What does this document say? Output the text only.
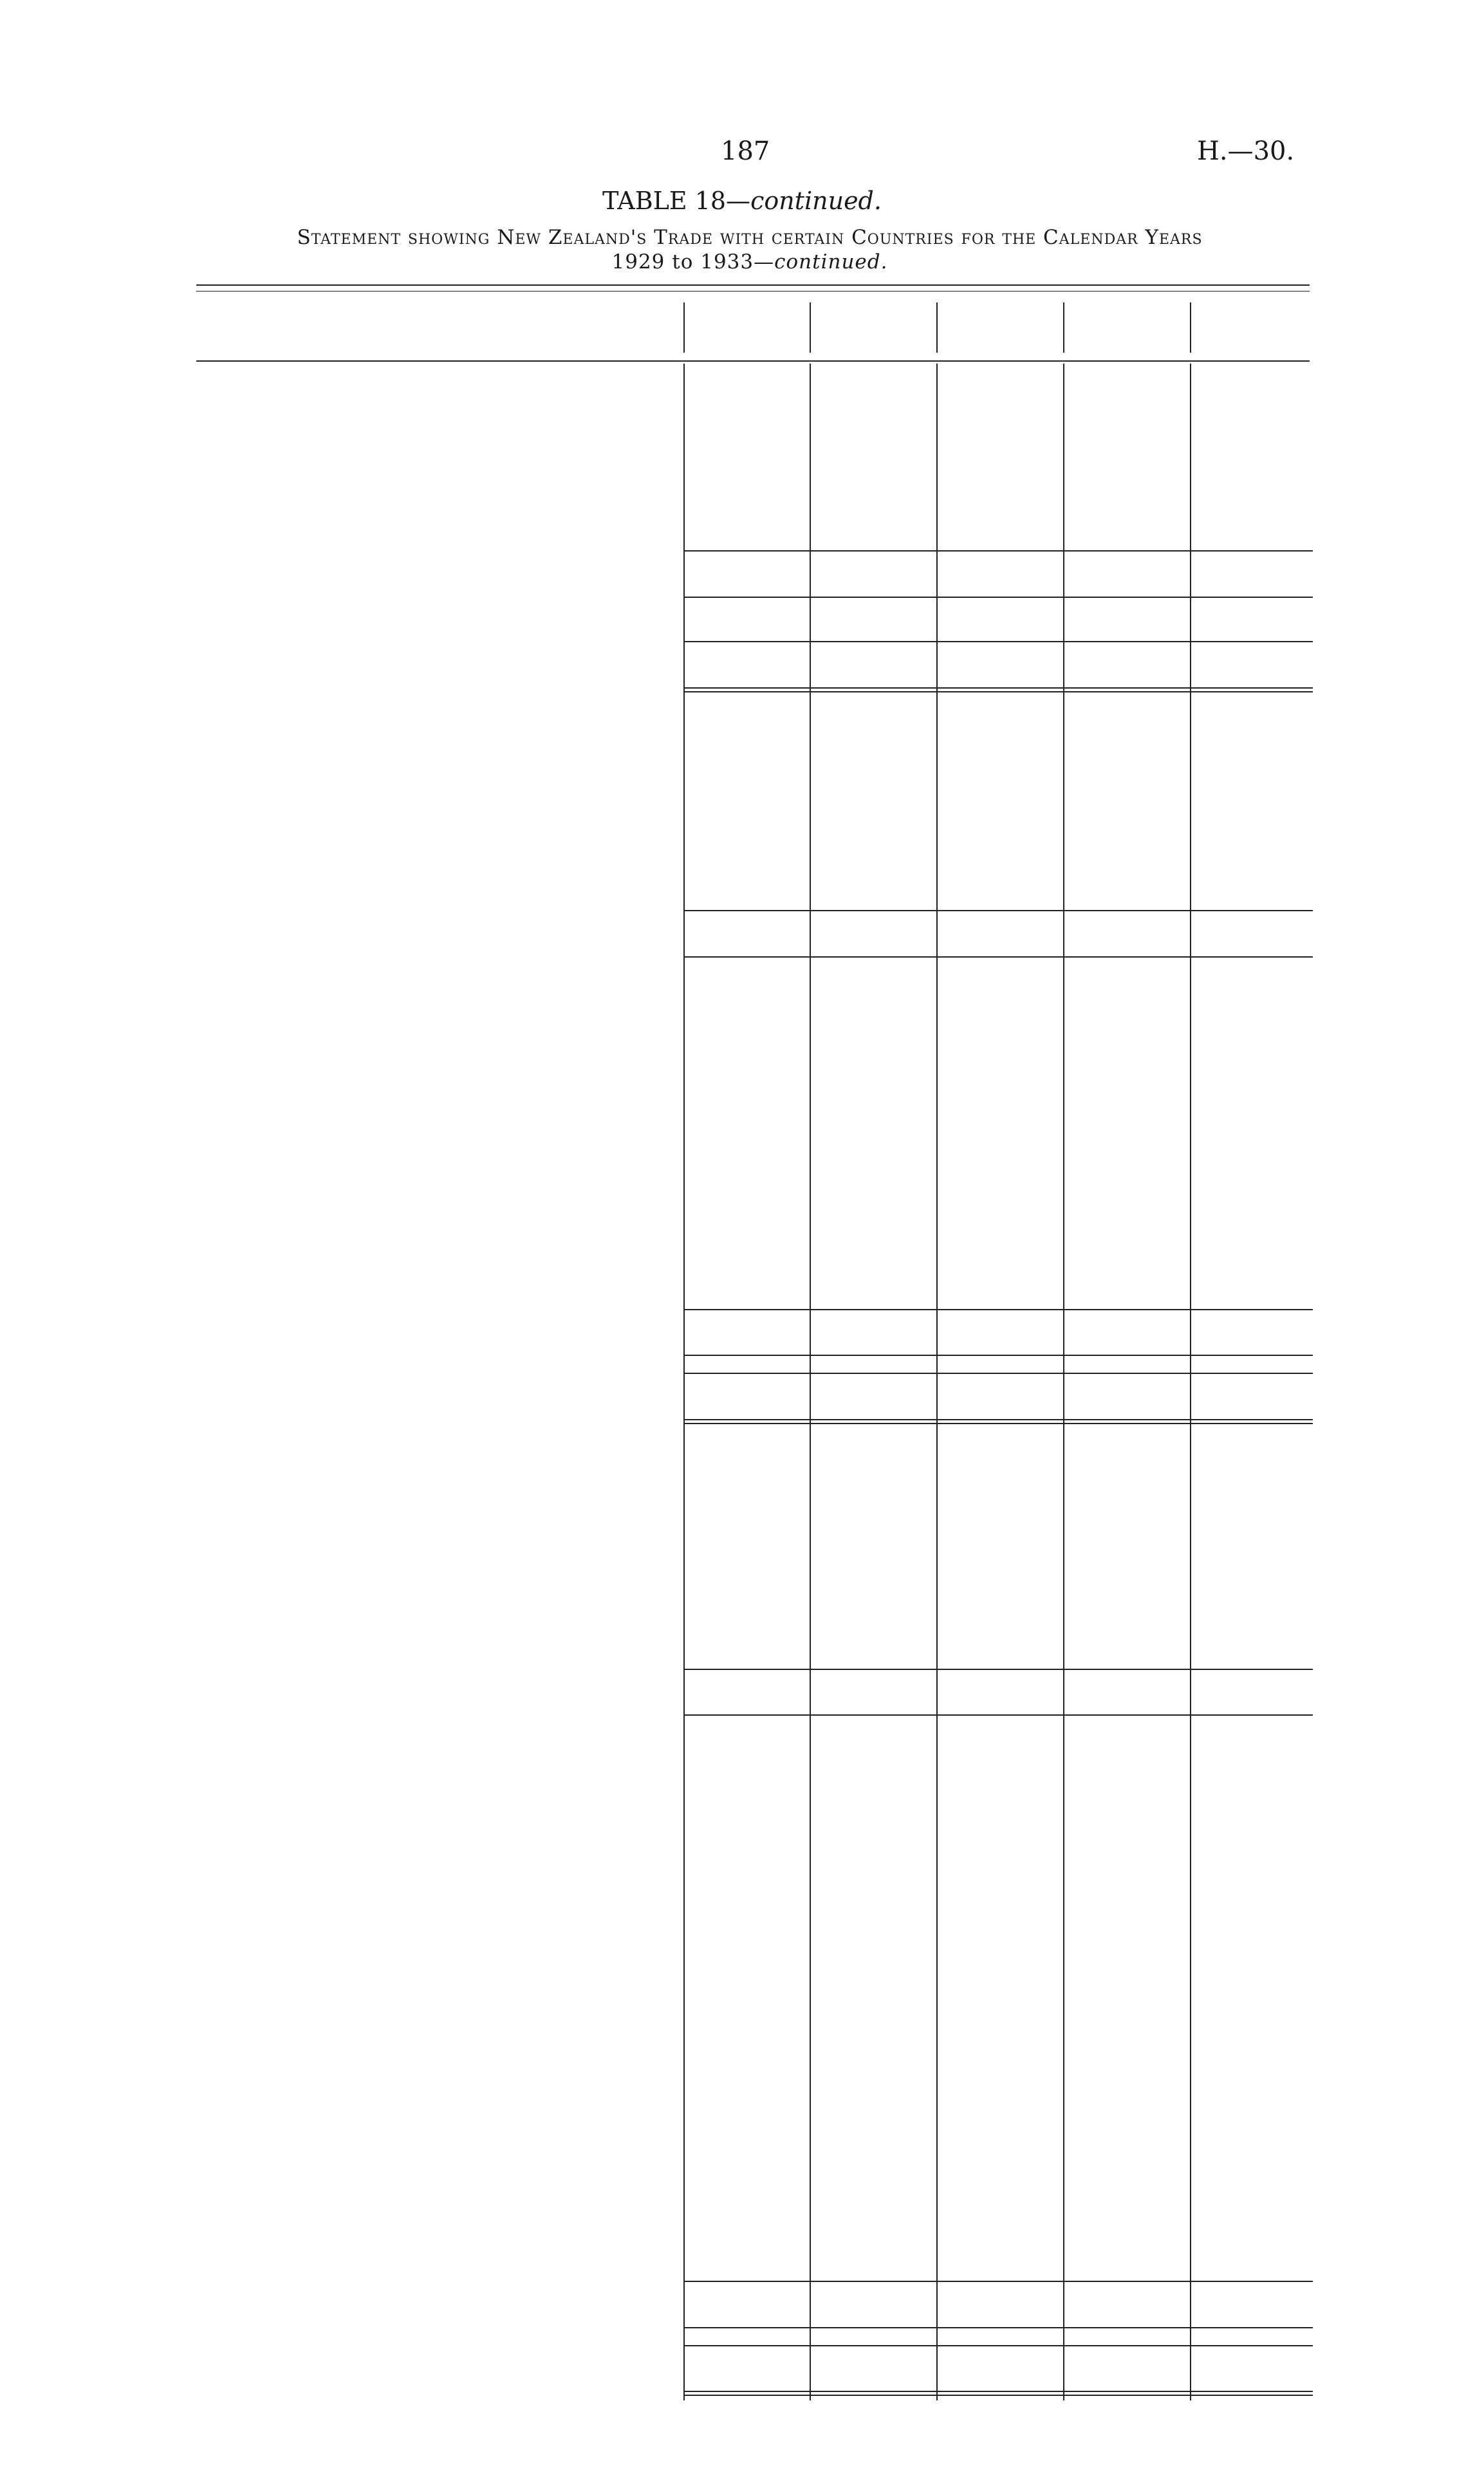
187	H.—30.
TABLE 18—continued.
Statement showing New Zealand's Trade with certain Countries for the Calendar Years
1929 to 1933—continued.
